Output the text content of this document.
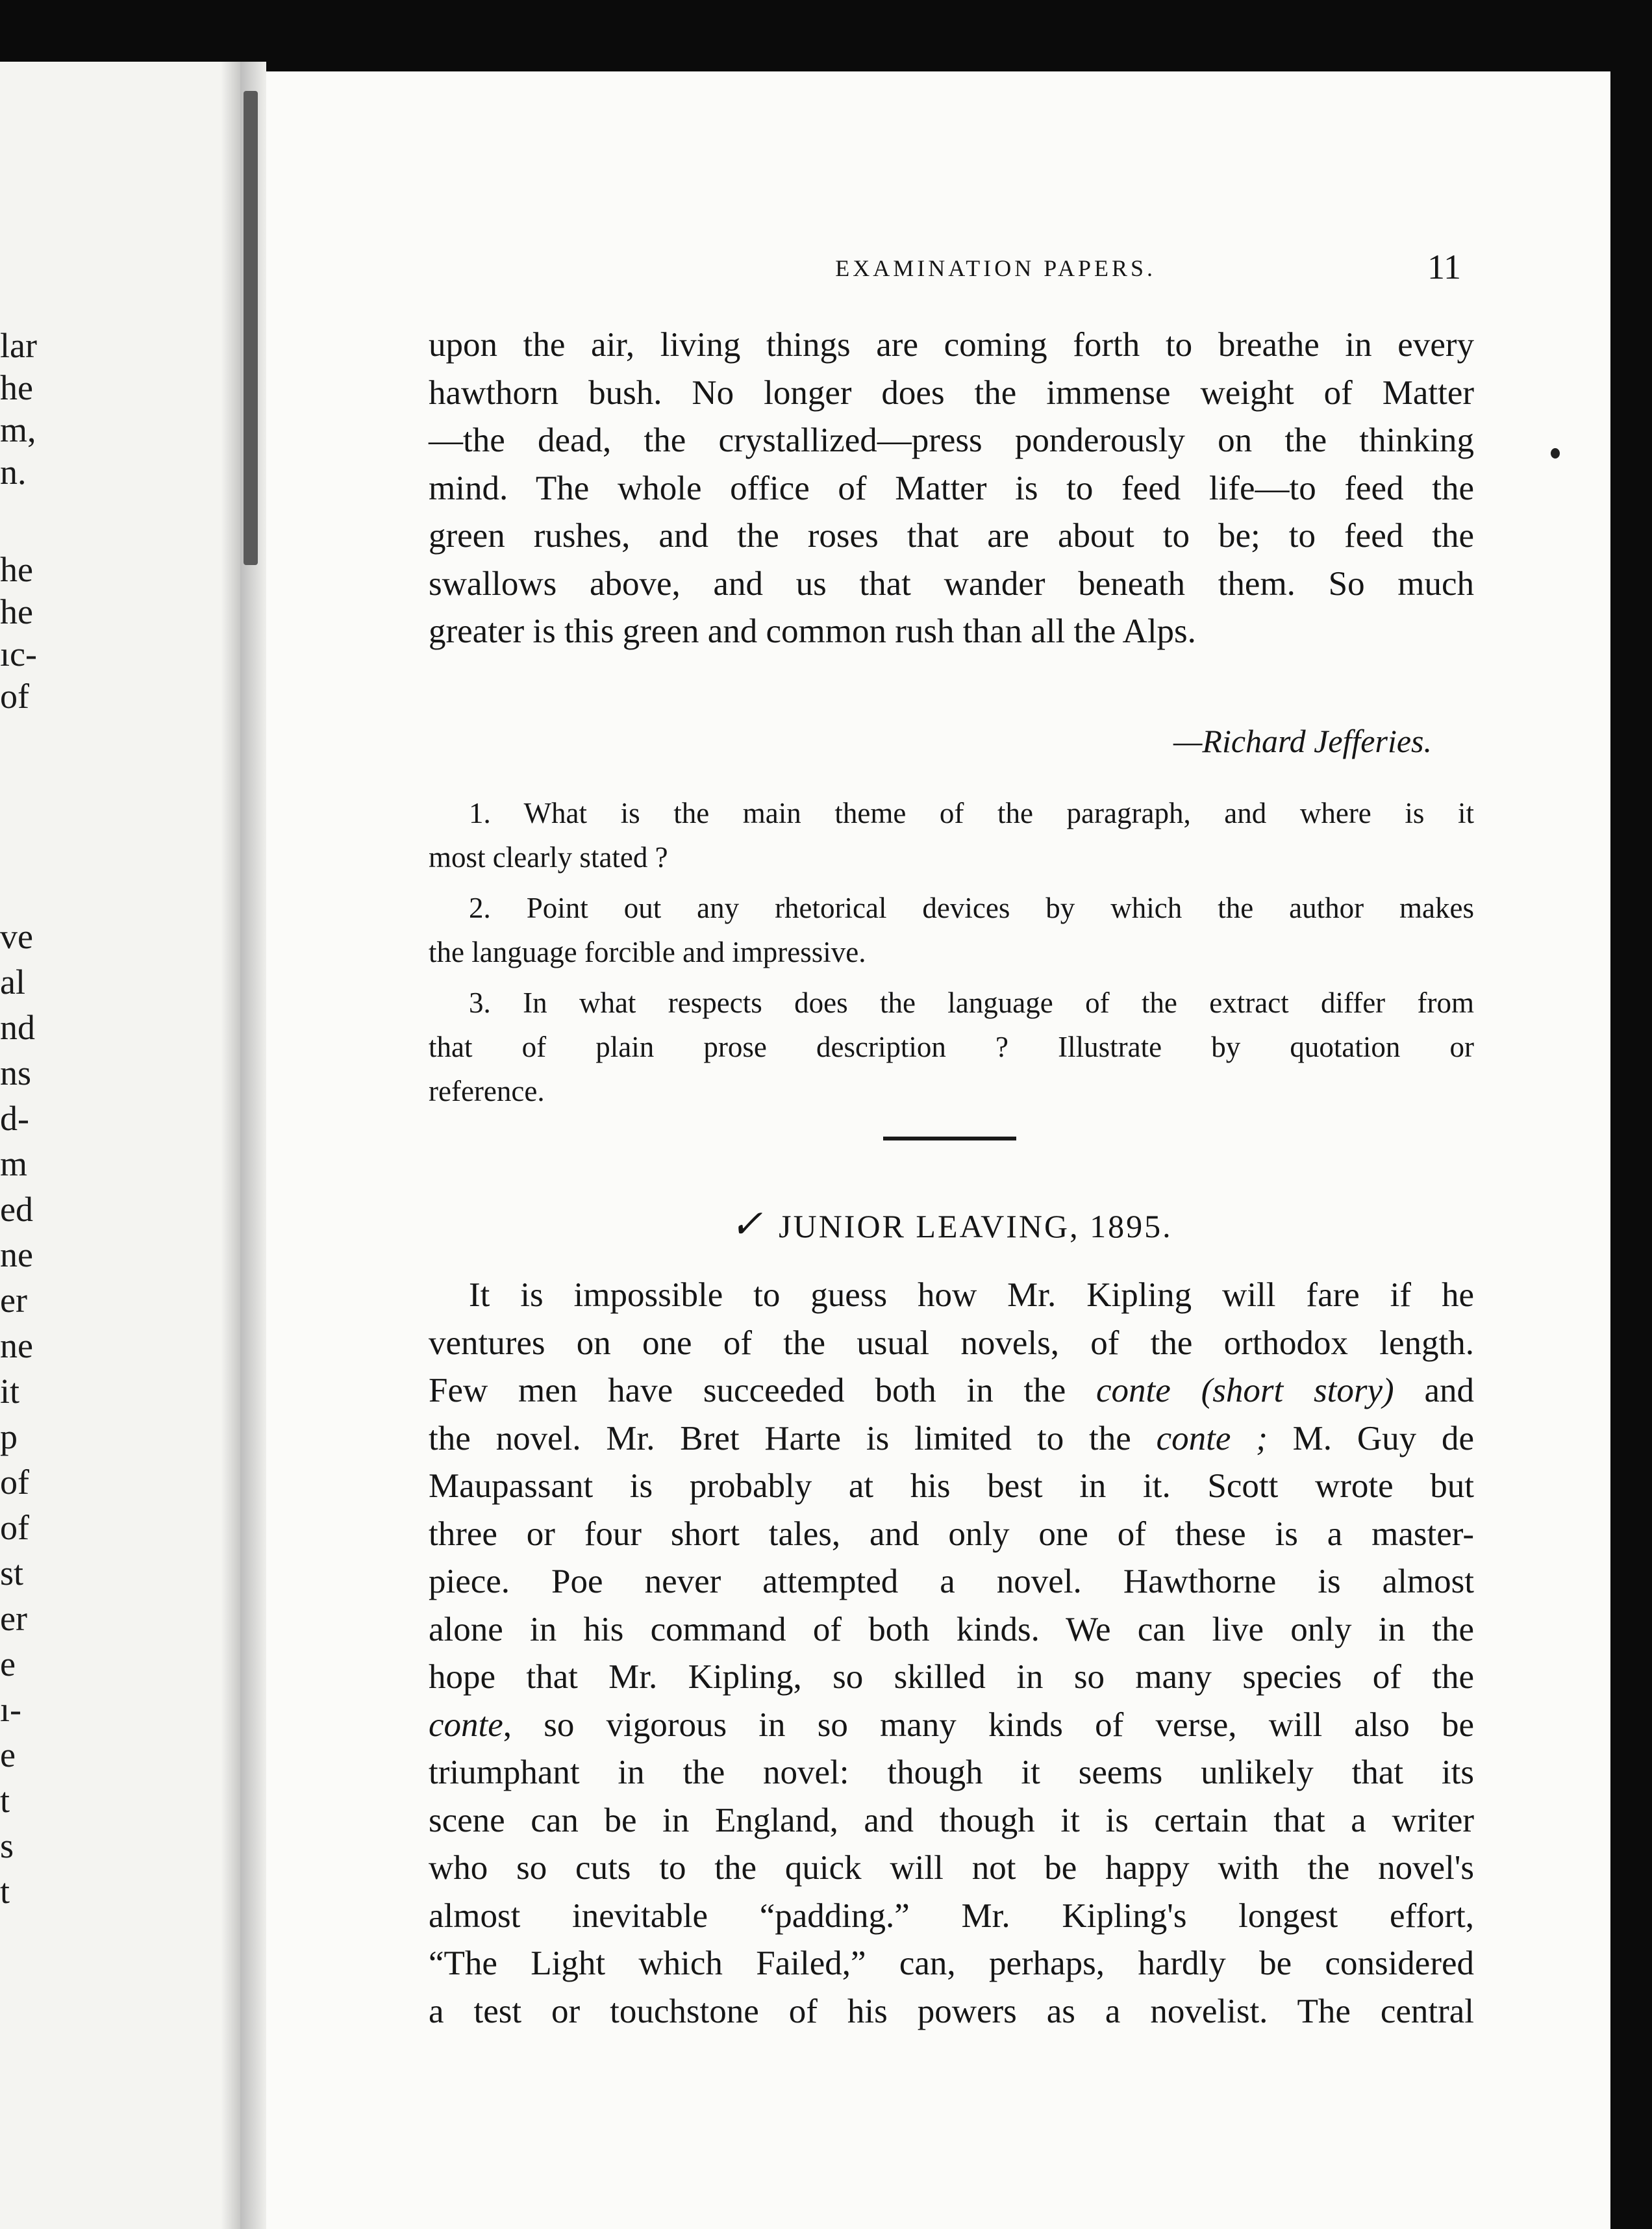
lar
he
m,
n.
he
he
ıc-
of
ve
al
nd
ns
d-
m
ed
ne
er
ne
it
p
of
of
st
er
e
ı-
e
t
s
t
EXAMINATION PAPERS.	11
upon the air, living things are coming forth to breathe in every
hawthorn bush. No longer does the immense weight of Matter
—the dead, the crystallized—press ponderously on the thinking
mind. The whole office of Matter is to feed life—to feed the
green rushes, and the roses that are about to be; to feed the
swallows above, and us that wander beneath them. So much
greater is this green and common rush than all the Alps.
—Richard Jefferies.
1. What is the main theme of the paragraph, and where is it
most clearly stated ?
2. Point out any rhetorical devices by which the author makes
the language forcible and impressive.
3. In what respects does the language of the extract differ from
that of plain prose description ? Illustrate by quotation or
reference.
✓ JUNIOR LEAVING, 1895.
It is impossible to guess how Mr. Kipling will fare if he
ventures on one of the usual novels, of the orthodox length.
Few men have succeeded both in the conte (short story) and
the novel. Mr. Bret Harte is limited to the conte ; M. Guy de
Maupassant is probably at his best in it. Scott wrote but
three or four short tales, and only one of these is a master-
piece. Poe never attempted a novel. Hawthorne is almost
alone in his command of both kinds. We can live only in the
hope that Mr. Kipling, so skilled in so many species of the
conte, so vigorous in so many kinds of verse, will also be
triumphant in the novel: though it seems unlikely that its
scene can be in England, and though it is certain that a writer
who so cuts to the quick will not be happy with the novel's
almost inevitable “padding.” Mr. Kipling's longest effort,
“The Light which Failed,” can, perhaps, hardly be considered
a test or touchstone of his powers as a novelist. The central
